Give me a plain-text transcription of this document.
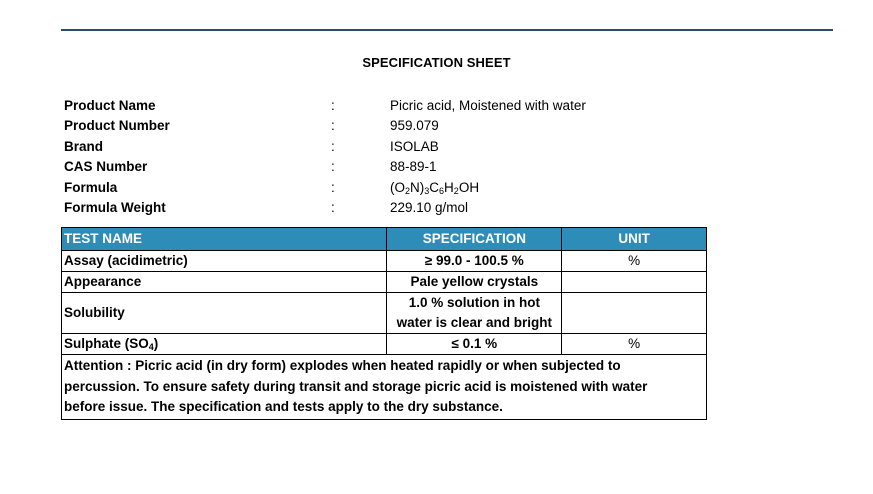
SPECIFICATION SHEET
Product Name	:	Picric acid, Moistened with water
Product Number	:	959.079
Brand	:	ISOLAB
CAS Number	:	88-89-1
Formula	:	$(O_2N)_3C_6H_2OH$
Formula Weight	:	229.10 g/mol
TEST NAME	SPECIFICATION	UNIT
Assay (acidimetric)	≥ 99.0 - 100.5 %	%
Appearance	Pale yellow crystals	
Solubility	1.0 % solution in hot
water is clear and bright	

Sulphate $(SO_4)$	≤ 0.1 %	%

Attention : Picric acid (in dry form) explodes when heated rapidly or when subjected to
percussion. To ensure safety during transit and storage picric acid is moistened with water
before issue. The specification and tests apply to the dry substance.		
